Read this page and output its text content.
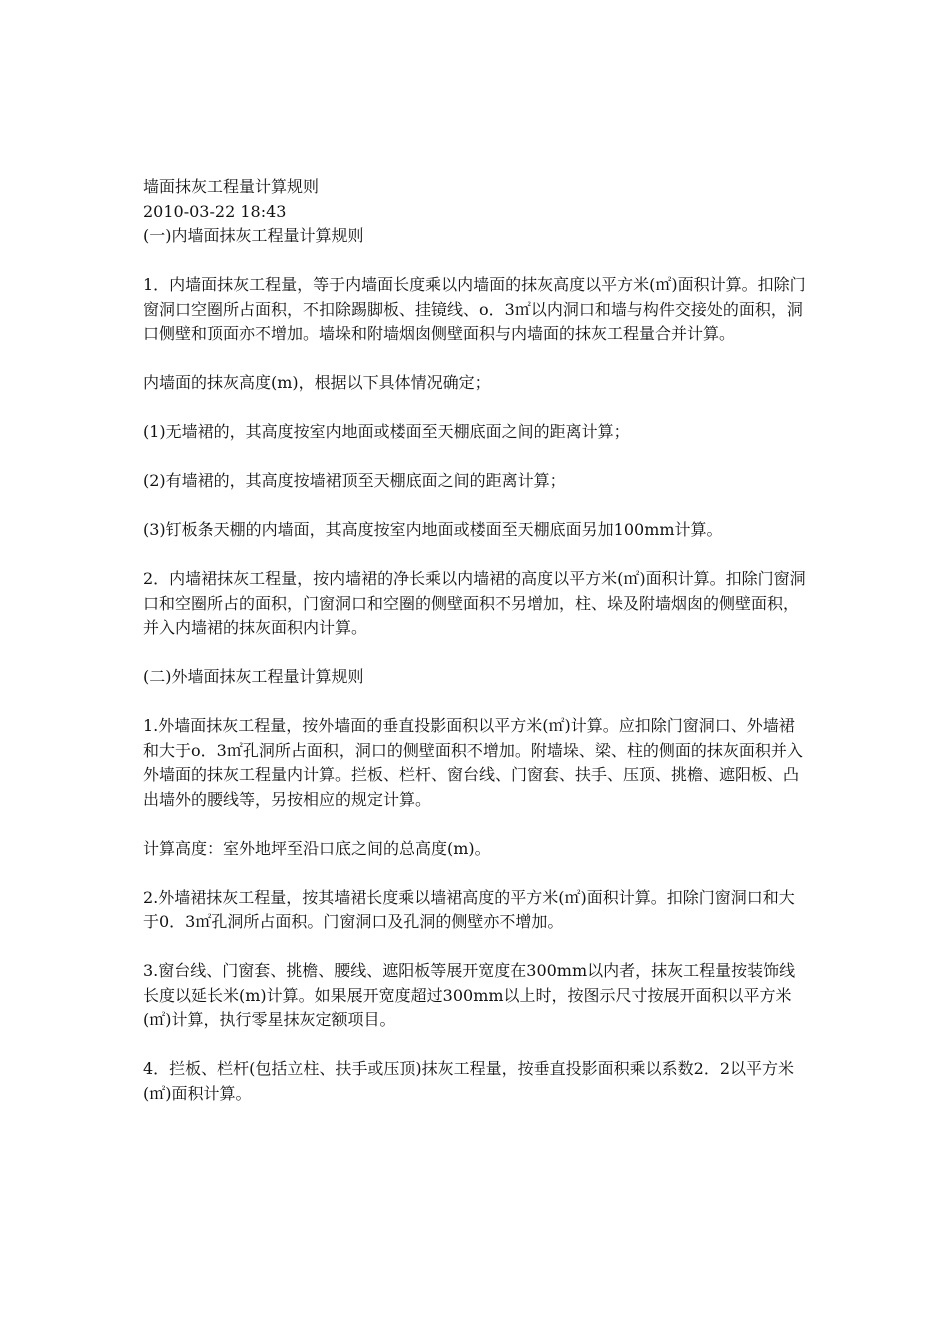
墙面抹灰工程量计算规则

2010-03-22 18:43

(一)内墙面抹灰工程量计算规则

1．内墙面抹灰工程量，等于内墙面长度乘以内墙面的抹灰高度以平方米(㎡)面积计算。扣除门窗洞口空圈所占面积，不扣除踢脚板、挂镜线、o．3㎡以内洞口和墙与构件交接处的面积，洞口侧壁和顶面亦不增加。墙垛和附墙烟囱侧壁面积与内墙面的抹灰工程量合并计算。

内墙面的抹灰高度(m)，根据以下具体情况确定；

(1)无墙裙的，其高度按室内地面或楼面至天棚底面之间的距离计算；

(2)有墙裙的，其高度按墙裙顶至天棚底面之间的距离计算；

(3)钉板条天棚的内墙面，其高度按室内地面或楼面至天棚底面另加100mm计算。

2．内墙裙抹灰工程量，按内墙裙的净长乘以内墙裙的高度以平方米(㎡)面积计算。扣除门窗洞口和空圈所占的面积，门窗洞口和空圈的侧壁面积不另增加，柱、垛及附墙烟囱的侧壁面积，并入内墙裙的抹灰面积内计算。

(二)外墙面抹灰工程量计算规则

1.外墙面抹灰工程量，按外墙面的垂直投影面积以平方米(㎡)计算。应扣除门窗洞口、外墙裙和大于o．3㎡孔洞所占面积，洞口的侧壁面积不增加。附墙垛、梁、柱的侧面的抹灰面积并入外墙面的抹灰工程量内计算。拦板、栏杆、窗台线、门窗套、扶手、压顶、挑檐、遮阳板、凸出墙外的腰线等，另按相应的规定计算。

计算高度：室外地坪至沿口底之间的总高度(m)。

2.外墙裙抹灰工程量，按其墙裙长度乘以墙裙高度的平方米(㎡)面积计算。扣除门窗洞口和大于0．3㎡孔洞所占面积。门窗洞口及孔洞的侧壁亦不增加。

3.窗台线、门窗套、挑檐、腰线、遮阳板等展开宽度在300mm以内者，抹灰工程量按装饰线长度以延长米(m)计算。如果展开宽度超过300mm以上时，按图示尺寸按展开面积以平方米(㎡)计算，执行零星抹灰定额项目。

4．拦板、栏杆(包括立柱、扶手或压顶)抹灰工程量，按垂直投影面积乘以系数2．2以平方米(㎡)面积计算。
